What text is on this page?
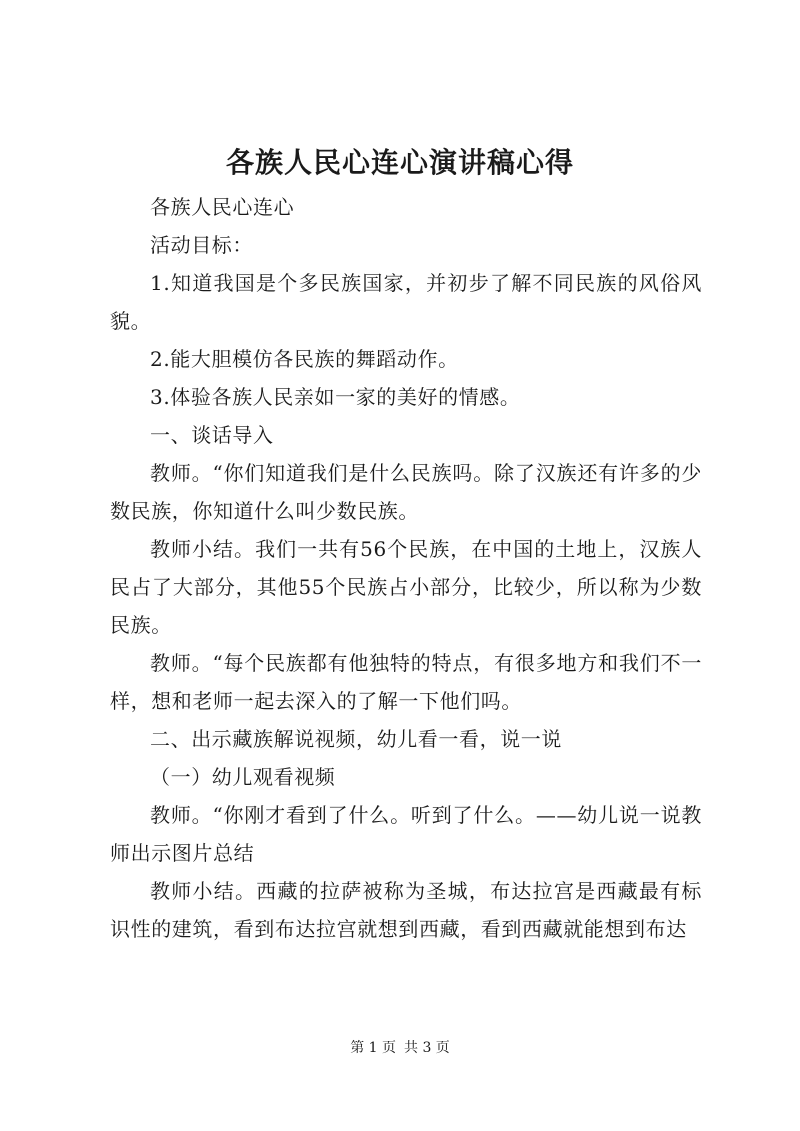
各族人民心连心演讲稿心得

各族人民心连心

活动目标：

1.知道我国是个多民族国家，并初步了解不同民族的风俗风貌。

2.能大胆模仿各民族的舞蹈动作。

3.体验各族人民亲如一家的美好的情感。

一、谈话导入

教师。“你们知道我们是什么民族吗。除了汉族还有许多的少数民族，你知道什么叫少数民族。

教师小结。我们一共有56个民族，在中国的土地上，汉族人民占了大部分，其他55个民族占小部分，比较少，所以称为少数民族。

教师。“每个民族都有他独特的特点，有很多地方和我们不一样，想和老师一起去深入的了解一下他们吗。

二、出示藏族解说视频，幼儿看一看，说一说

（一）幼儿观看视频

教师。“你刚才看到了什么。听到了什么。——幼儿说一说教师出示图片总结

教师小结。西藏的拉萨被称为圣城，布达拉宫是西藏最有标识性的建筑，看到布达拉宫就想到西藏，看到西藏就能想到布达

第 1 页 共 3 页
